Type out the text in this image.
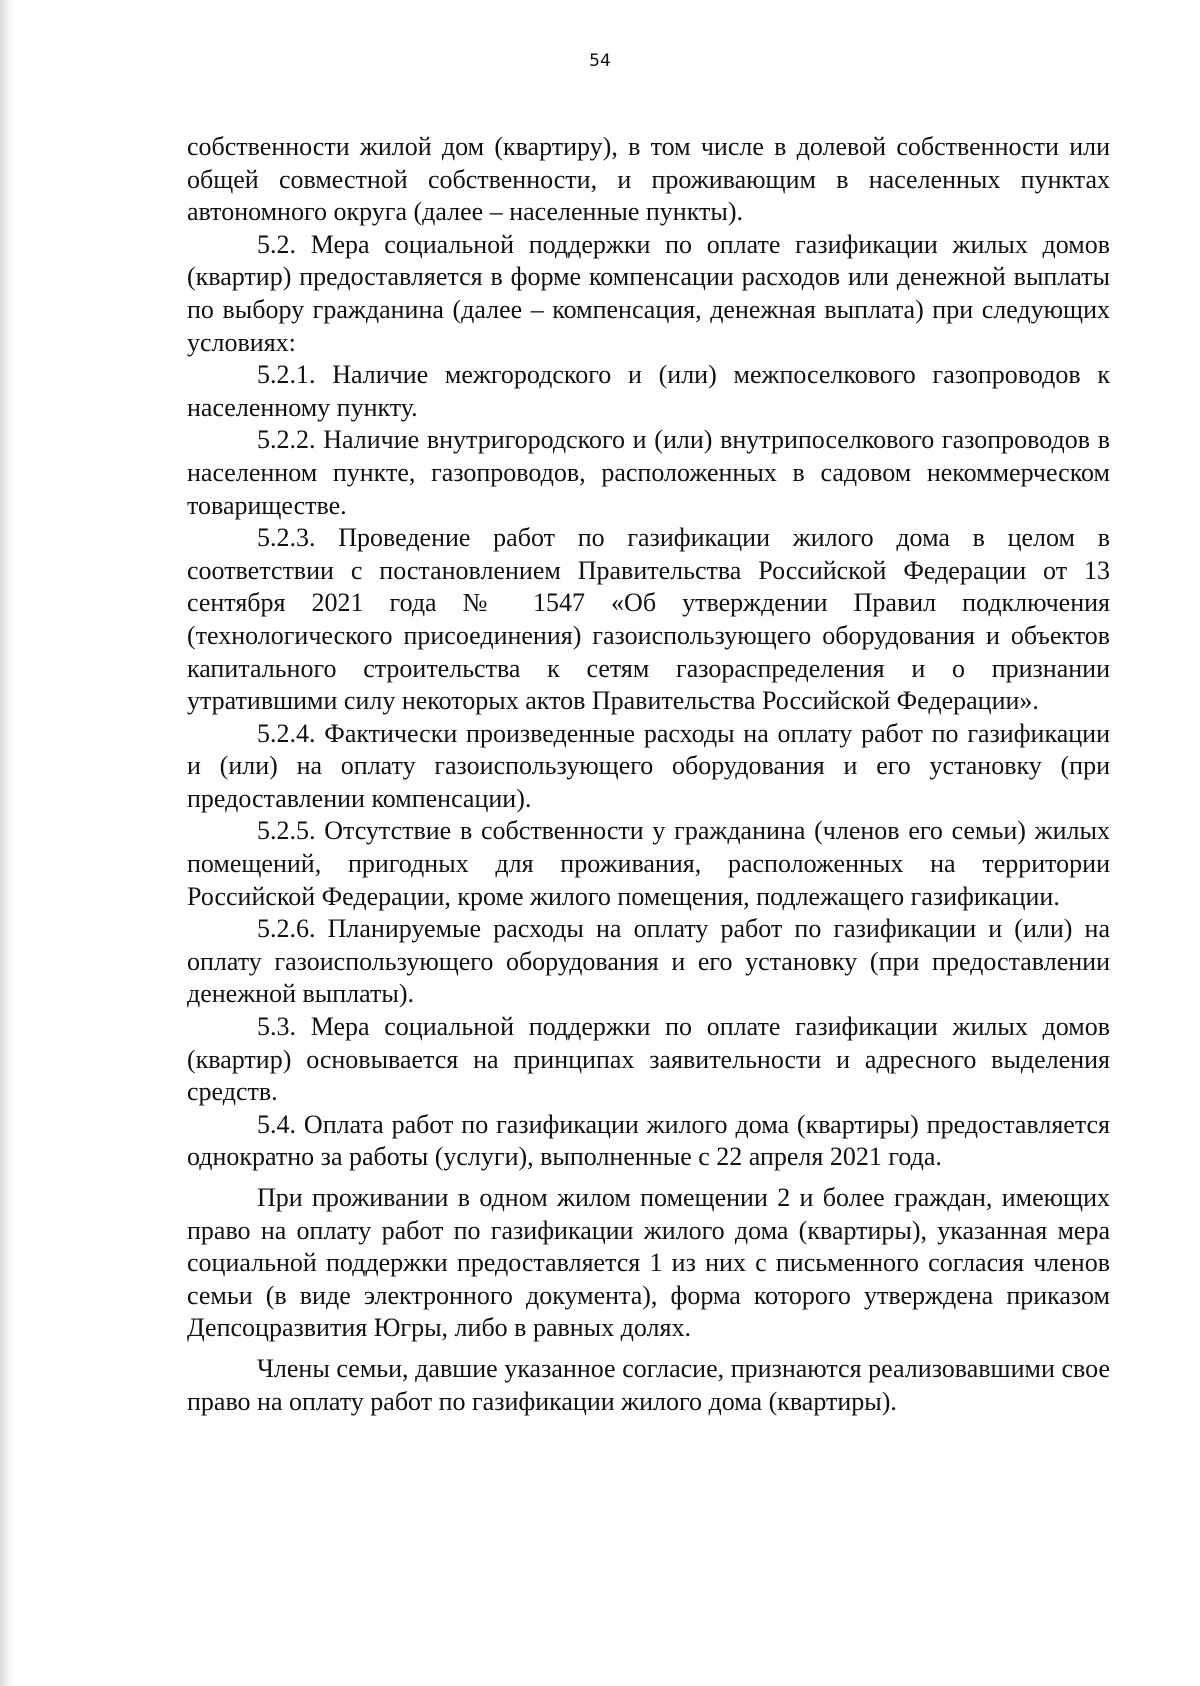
54

собственности жилой дом (квартиру), в том числе в долевой собственности или общей совместной собственности, и проживающим в населенных пунктах автономного округа (далее – населенные пункты).

5.2. Мера социальной поддержки по оплате газификации жилых домов (квартир) предоставляется в форме компенсации расходов или денежной выплаты по выбору гражданина (далее – компенсация, денежная выплата) при следующих условиях:

5.2.1. Наличие межгородского и (или) межпоселкового газопроводов к населенному пункту.

5.2.2. Наличие внутригородского и (или) внутрипоселкового газопроводов в населенном пункте, газопроводов, расположенных в садовом некоммерческом товариществе.

5.2.3. Проведение работ по газификации жилого дома в целом в соответствии с постановлением Правительства Российской Федерации от 13 сентября 2021 года № 1547 «Об утверждении Правил подключения (технологического присоединения) газоиспользующего оборудования и объектов капитального строительства к сетям газораспределения и о признании утратившими силу некоторых актов Правительства Российской Федерации».

5.2.4. Фактически произведенные расходы на оплату работ по газификации и (или) на оплату газоиспользующего оборудования и его установку (при предоставлении компенсации).

5.2.5. Отсутствие в собственности у гражданина (членов его семьи) жилых помещений, пригодных для проживания, расположенных на территории Российской Федерации, кроме жилого помещения, подлежащего газификации.

5.2.6. Планируемые расходы на оплату работ по газификации и (или) на оплату газоиспользующего оборудования и его установку (при предоставлении денежной выплаты).

5.3. Мера социальной поддержки по оплате газификации жилых домов (квартир) основывается на принципах заявительности и адресного выделения средств.

5.4. Оплата работ по газификации жилого дома (квартиры) предоставляется однократно за работы (услуги), выполненные с 22 апреля 2021 года.

При проживании в одном жилом помещении 2 и более граждан, имеющих право на оплату работ по газификации жилого дома (квартиры), указанная мера социальной поддержки предоставляется 1 из них с письменного согласия членов семьи (в виде электронного документа), форма которого утверждена приказом Депсоцразвития Югры, либо в равных долях.

Члены семьи, давшие указанное согласие, признаются реализовавшими свое право на оплату работ по газификации жилого дома (квартиры).
